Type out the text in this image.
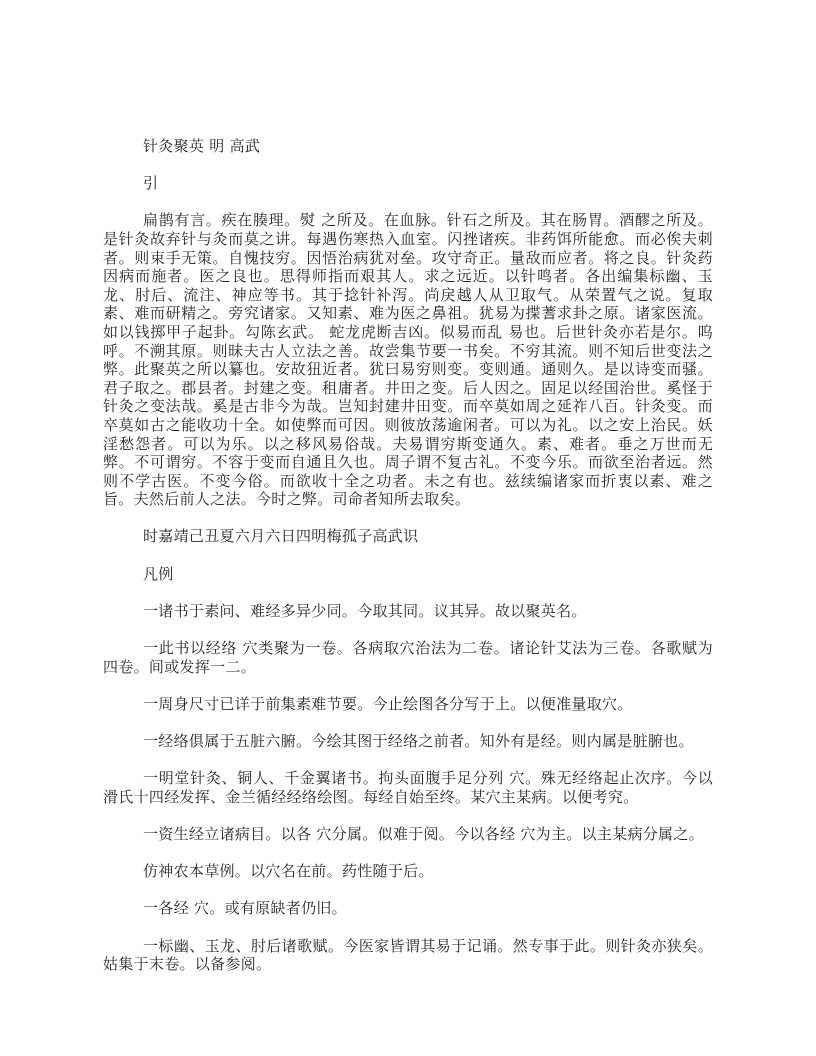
针灸聚英 明 高武

引

扁鹊有言。疾在腠理。熨 之所及。在血脉。针石之所及。其在肠胃。酒醪之所及。是针灸故弃针与灸而莫之讲。每遇伤寒热入血室。闪挫诸疾。非药饵所能愈。而必俟夫刺者。则束手无策。自愧技穷。因悟治病犹对垒。攻守奇正。量敌而应者。将之良。针灸药因病而施者。医之良也。思得师指而艰其人。求之远近。以针鸣者。各出编集标幽、玉龙、肘后、流注、神应等书。其于捻针补泻。尚戾越人从卫取气。从荣置气之说。复取素、难而研精之。旁究诸家。又知素、难为医之鼻祖。犹易为揲蓍求卦之原。诸家医流。如以钱掷甲子起卦。勾陈玄武。 蛇龙虎断吉凶。似易而乱 易也。后世针灸亦若是尔。呜呼。不溯其原。则昧夫古人立法之善。故尝集节要一书矣。不穷其流。则不知后世变法之弊。此聚英之所以纂也。安故狃近者。犹曰易穷则变。变则通。通则久。是以诗变而骚。君子取之。郡县者。封建之变。租庸者。井田之变。后人因之。固足以经国治世。奚怪于针灸之变法哉。奚是古非今为哉。岂知封建井田变。而卒莫如周之延祚八百。针灸变。而卒莫如古之能收功十全。如使弊而可因。则彼放荡逾闲者。可以为礼。以之安上治民。妖淫愁怨者。可以为乐。以之移风易俗哉。夫易谓穷斯变通久。素、难者。垂之万世而无弊。不可谓穷。不容于变而自通且久也。周子谓不复古礼。不变今乐。而欲至治者远。然则不学古医。不变今俗。而欲收十全之功者。未之有也。兹续编诸家而折衷以素、难之旨。夫然后前人之法。今时之弊。司命者知所去取矣。

时嘉靖己丑夏六月六日四明梅孤子高武识

凡例

一诸书于素问、难经多异少同。今取其同。议其异。故以聚英名。

一此书以经络 穴类聚为一卷。各病取穴治法为二卷。诸论针艾法为三卷。各歌赋为四卷。间或发挥一二。

一周身尺寸已详于前集素难节要。今止绘图各分写于上。以便准量取穴。

一经络俱属于五脏六腑。今绘其图于经络之前者。知外有是经。则内属是脏腑也。

一明堂针灸、铜人、千金翼诸书。拘头面腹手足分列 穴。殊无经络起止次序。今以滑氏十四经发挥、金兰循经经络绘图。每经自始至终。某穴主某病。以便考究。

一资生经立诸病目。以各 穴分属。似难于阅。今以各经 穴为主。以主某病分属之。

仿神农本草例。以穴名在前。药性随于后。

一各经 穴。或有原缺者仍旧。

一标幽、玉龙、肘后诸歌赋。今医家皆谓其易于记诵。然专事于此。则针灸亦狭矣。姑集于末卷。以备参阅。
